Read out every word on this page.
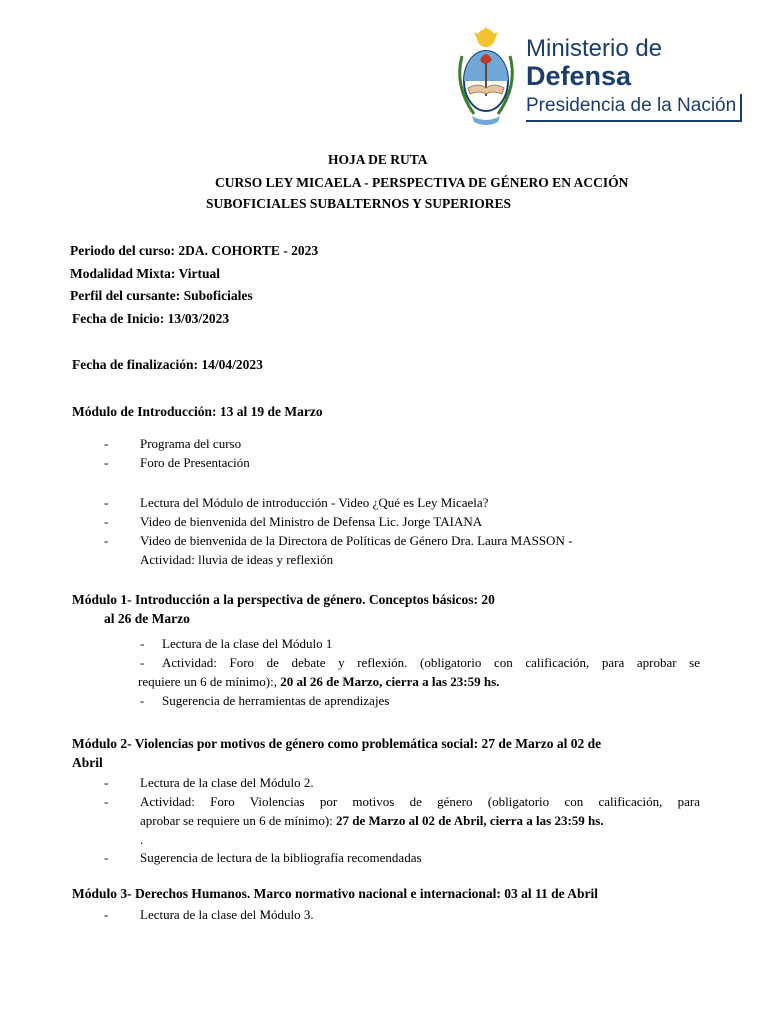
Ministerio de
Defensa
Presidencia de la Nación
HOJA DE RUTA
CURSO LEY MICAELA - PERSPECTIVA DE GÉNERO EN ACCIÓN
SUBOFICIALES SUBALTERNOS Y SUPERIORES
Periodo del curso: 2DA. COHORTE - 2023
Modalidad Mixta: Virtual
Perfil del cursante: Suboficiales
Fecha de Inicio: 13/03/2023
Fecha de finalización: 14/04/2023
Módulo de Introducción: 13 al 19 de Marzo
- Programa del curso
- Foro de Presentación
- Lectura del Módulo de introducción - Video ¿Qué es Ley Micaela?
- Video de bienvenida del Ministro de Defensa Lic. Jorge TAIANA
- Video de bienvenida de la Directora de Políticas de Género Dra. Laura MASSON -
Actividad: lluvia de ideas y reflexión
Módulo 1- Introducción a la perspectiva de género. Conceptos básicos: 20
al 26 de Marzo
- Lectura de la clase del Módulo 1
- Actividad: Foro de debate y reflexión. (obligatorio con calificación, para aprobar se
requiere un 6 de mínimo):, 20 al 26 de Marzo, cierra a las 23:59 hs.
- Sugerencia de herramientas de aprendizajes
Módulo 2- Violencias por motivos de género como problemática social: 27 de Marzo al 02 de
Abril
- Lectura de la clase del Módulo 2.
- Actividad: Foro Violencias por motivos de género (obligatorio con calificación, para
aprobar se requiere un 6 de mínimo): 27 de Marzo al 02 de Abril, cierra a las 23:59 hs.
.
- Sugerencia de lectura de la bibliografía recomendadas
Módulo 3- Derechos Humanos. Marco normativo nacional e internacional: 03 al 11 de Abril
- Lectura de la clase del Módulo 3.
